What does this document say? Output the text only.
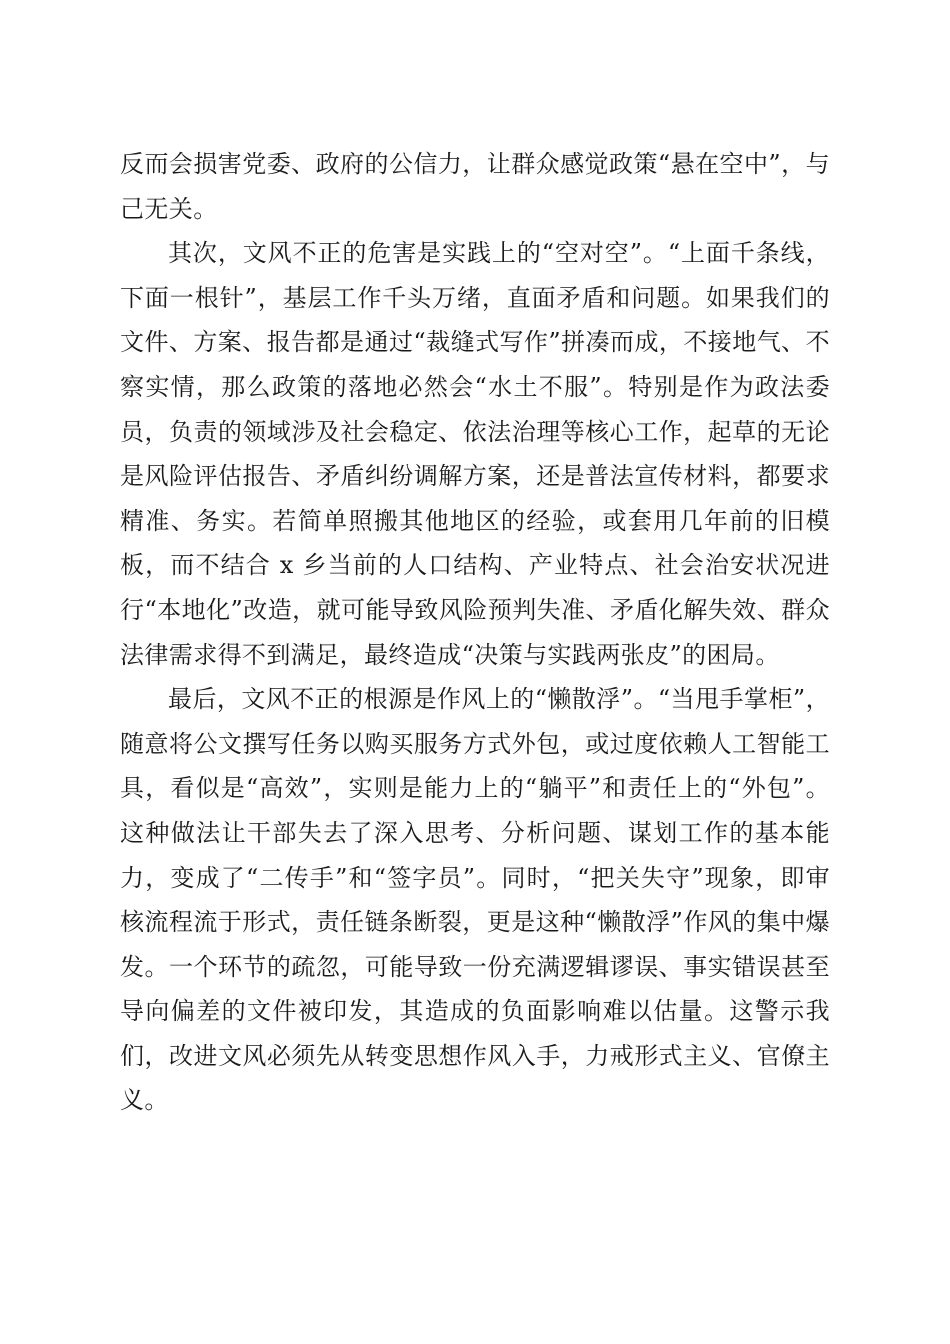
反而会损害党委、政府的公信力，让群众感觉政策“悬在空中”，与己无关。

其次，文风不正的危害是实践上的“空对空”。“上面千条线，下面一根针”，基层工作千头万绪，直面矛盾和问题。如果我们的文件、方案、报告都是通过“裁缝式写作”拼凑而成，不接地气、不察实情，那么政策的落地必然会“水土不服”。特别是作为政法委员，负责的领域涉及社会稳定、依法治理等核心工作，起草的无论是风险评估报告、矛盾纠纷调解方案，还是普法宣传材料，都要求精准、务实。若简单照搬其他地区的经验，或套用几年前的旧模板，而不结合 x 乡当前的人口结构、产业特点、社会治安状况进行“本地化”改造，就可能导致风险预判失准、矛盾化解失效、群众法律需求得不到满足，最终造成“决策与实践两张皮”的困局。

最后，文风不正的根源是作风上的“懒散浮”。“当甩手掌柜”，随意将公文撰写任务以购买服务方式外包，或过度依赖人工智能工具，看似是“高效”，实则是能力上的“躺平”和责任上的“外包”。这种做法让干部失去了深入思考、分析问题、谋划工作的基本能力，变成了“二传手”和“签字员”。同时，“把关失守”现象，即审核流程流于形式，责任链条断裂，更是这种“懒散浮”作风的集中爆发。一个环节的疏忽，可能导致一份充满逻辑谬误、事实错误甚至导向偏差的文件被印发，其造成的负面影响难以估量。这警示我们，改进文风必须先从转变思想作风入手，力戒形式主义、官僚主义。
